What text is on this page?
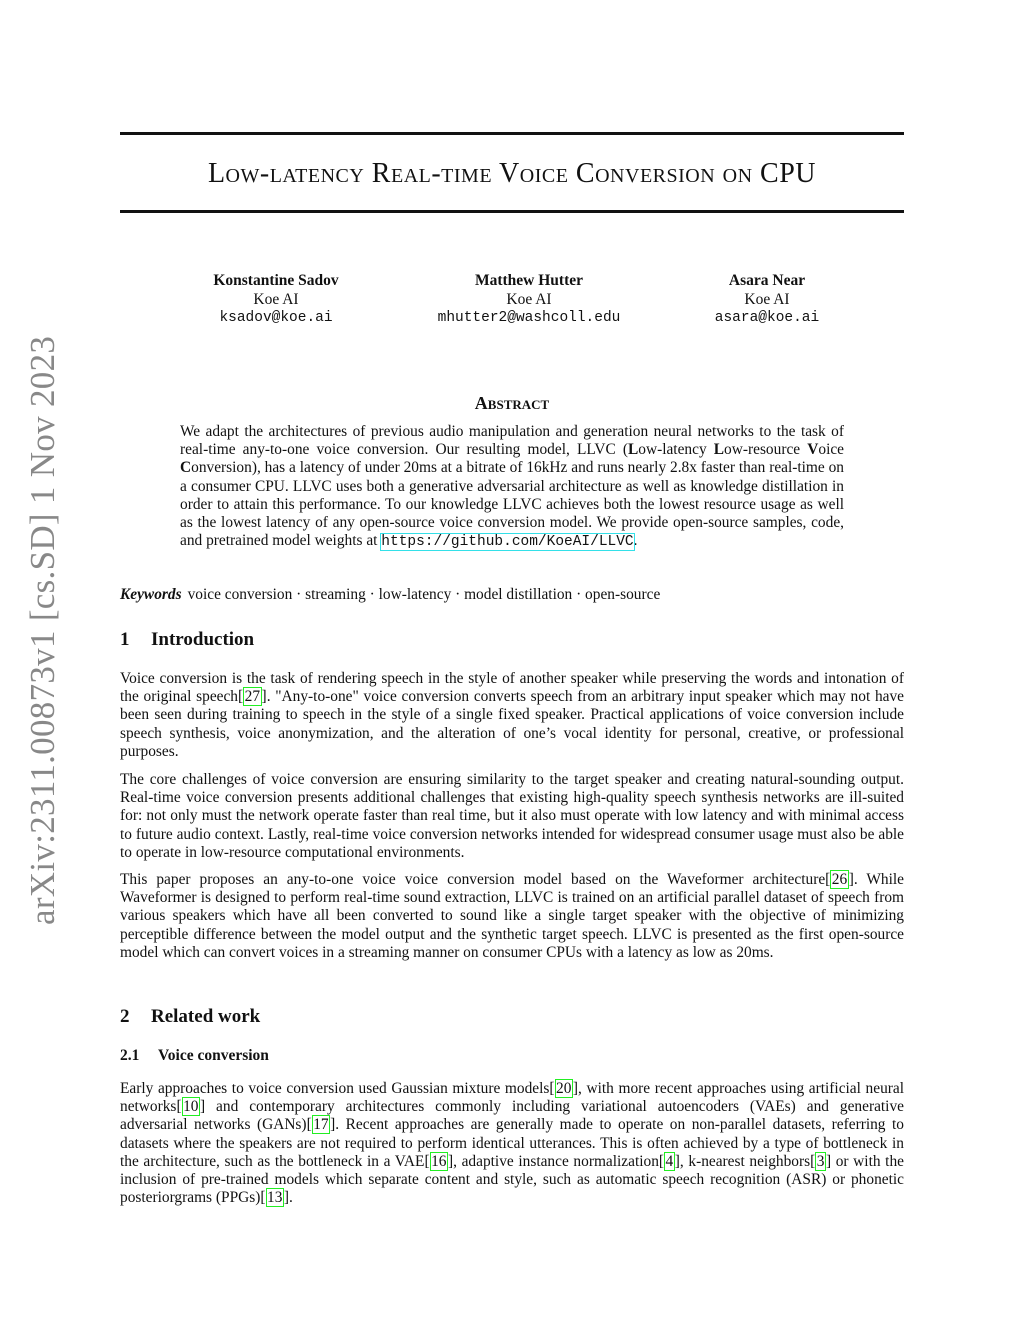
arXiv:2311.00873v1 [cs.SD] 1 Nov 2023
Low-latency Real-time Voice Conversion on CPU
Konstantine Sadov
Koe AI
ksadov@koe.ai
Matthew Hutter
Koe AI
mhutter2@washcoll.edu
Asara Near
Koe AI
asara@koe.ai
Abstract

We adapt the architectures of previous audio manipulation and generation neural networks to the task of real-time any-to-one voice conversion. Our resulting model, LLVC (Low-latency Low-resource Voice Conversion), has a latency of under 20ms at a bitrate of 16kHz and runs nearly 2.8x faster than real-time on a consumer CPU. LLVC uses both a generative adversarial architecture as well as knowledge distillation in order to attain this performance. To our knowledge LLVC achieves both the lowest resource usage as well as the lowest latency of any open-source voice conversion model. We provide open-source samples, code, and pretrained model weights at https://github.com/KoeAI/LLVC.

Keywords voice conversion · streaming · low-latency · model distillation · open-source
1 Introduction

Voice conversion is the task of rendering speech in the style of another speaker while preserving the words and intonation of the original speech[27]. "Any-to-one" voice conversion converts speech from an arbitrary input speaker which may not have been seen during training to speech in the style of a single fixed speaker. Practical applications of voice conversion include speech synthesis, voice anonymization, and the alteration of one’s vocal identity for personal, creative, or professional purposes.

The core challenges of voice conversion are ensuring similarity to the target speaker and creating natural-sounding output. Real-time voice conversion presents additional challenges that existing high-quality speech synthesis networks are ill-suited for: not only must the network operate faster than real time, but it also must operate with low latency and with minimal access to future audio context. Lastly, real-time voice conversion networks intended for widespread consumer usage must also be able to operate in low-resource computational environments.

This paper proposes an any-to-one voice voice conversion model based on the Waveformer architecture[26]. While Waveformer is designed to perform real-time sound extraction, LLVC is trained on an artificial parallel dataset of speech from various speakers which have all been converted to sound like a single target speaker with the objective of minimizing perceptible difference between the model output and the synthetic target speech. LLVC is presented as the first open-source model which can convert voices in a streaming manner on consumer CPUs with a latency as low as 20ms.

2 Related work
2.1 Voice conversion

Early approaches to voice conversion used Gaussian mixture models[20], with more recent approaches using artificial neural networks[10] and contemporary architectures commonly including variational autoencoders (VAEs) and generative adversarial networks (GANs)[17]. Recent approaches are generally made to operate on non-parallel datasets, referring to datasets where the speakers are not required to perform identical utterances. This is often achieved by a type of bottleneck in the architecture, such as the bottleneck in a VAE[16], adaptive instance normalization[4], k-nearest neighbors[3] or with the inclusion of pre-trained models which separate content and style, such as automatic speech recognition (ASR) or phonetic posteriorgrams (PPGs)[13].
